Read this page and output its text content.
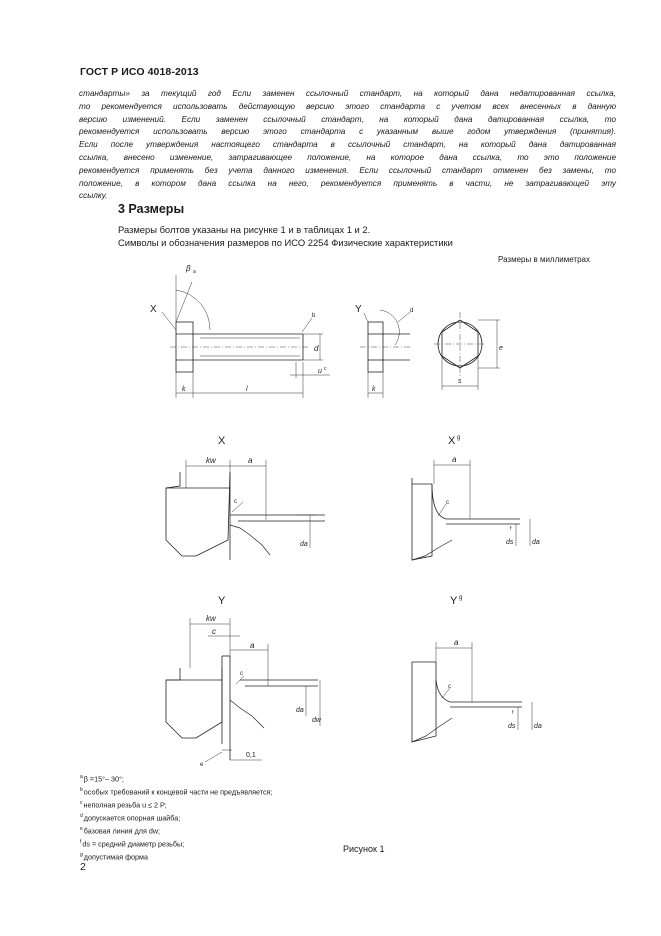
ГОСТ Р ИСО 4018-2013
стандарты» за текущий год Если заменен ссылочный стандарт, на который дана недатированная ссылка,
то рекомендуется использовать действующую версию этого стандарта с учетом всех внесенных в данную
версию изменений. Если заменен ссылочный стандарт, на который дана датированная ссылка, то
рекомендуется использовать версию этого стандарта с указанным выше годом утверждения (принятия).
Если после утверждения настоящего стандарта в ссылочный стандарт, на который дана датированная
ссылка, внесено изменение, затрагивающее положение, на которое дана ссылка, то это положение
рекомендуется применять без учета данного изменения. Если ссылочный стандарт отменен без замены, то
положение, в котором дана ссылка на него, рекомендуется применять в части, не затрагивающей эту
ссылку.
3 Размеры
Размеры болтов указаны на рисунке 1 и в таблицах 1 и 2.
Символы и обозначения размеров по ИСО 2254 Физические характеристики
Размеры в миллиметрах
X
β a
b
d
u c
k	l
Y	d
k
e
s
X
kw	a
c
da
X g
a
c
ds
f
da
Y
kw
c
a
c
da
dw
e
0,1
Y g
a
c
ds
f
da
$^a$β =15°– 30°;
$^b$особых требований к концевой части не предъявляется;
$^c$неполная резьба u ≤ 2 P;
$^d$допускается опорная шайба;
$^e$базовая линия для dw;
$^f$ds = средний диаметр резьбы;
$^g$допустимая форма
Рисунок 1
2
